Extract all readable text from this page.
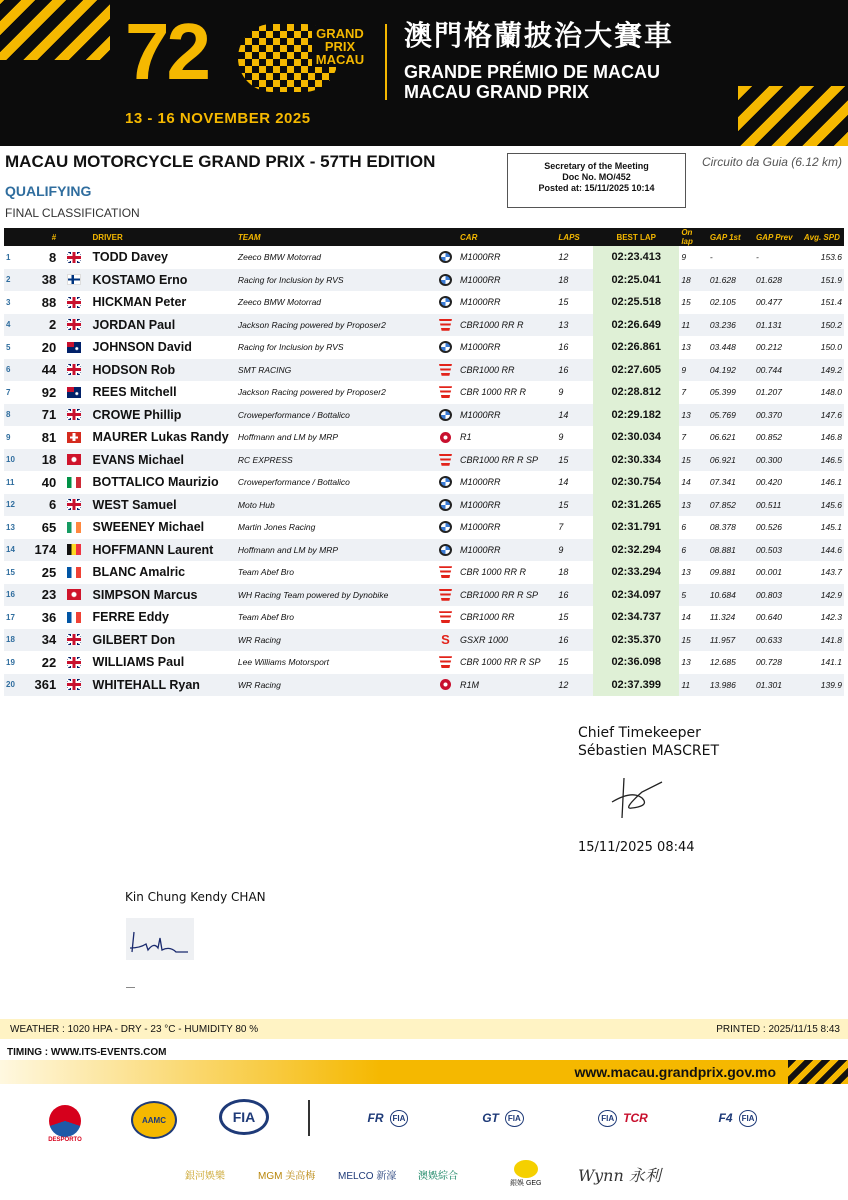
72	GRAND PRIX MACAU
13 - 16 NOVEMBER 2025
澳門格蘭披治大賽車
GRANDE PRÉMIO DE MACAU
MACAU GRAND PRIX
MACAU MOTORCYCLE GRAND PRIX - 57TH EDITION
QUALIFYING
FINAL CLASSIFICATION
Secretary of the Meeting
Doc No. MO/452
Posted at: 15/11/2025 10:14
Circuito da Guia (6.12 km)
	#		DRIVER	TEAM		CAR	LAPS	BEST LAP	On lap	GAP 1st	GAP Prev	Avg. SPD
1	8		TODD Davey	Zeeco BMW Motorrad		M1000RR	12	02:23.413	9	-	-	153.6
2	38		KOSTAMO Erno	Racing for Inclusion by RVS		M1000RR	18	02:25.041	18	01.628	01.628	151.9
3	88		HICKMAN Peter	Zeeco BMW Motorrad		M1000RR	15	02:25.518	15	02.105	00.477	151.4
4	2		JORDAN Paul	Jackson Racing powered by Proposer2		CBR1000 RR R	13	02:26.649	11	03.236	01.131	150.2
5	20		JOHNSON David	Racing for Inclusion by RVS		M1000RR	16	02:26.861	13	03.448	00.212	150.0
6	44		HODSON Rob	SMT RACING		CBR1000 RR	16	02:27.605	9	04.192	00.744	149.2
7	92		REES Mitchell	Jackson Racing powered by Proposer2		CBR 1000 RR R	9	02:28.812	7	05.399	01.207	148.0
8	71		CROWE Phillip	Croweperformance / Bottalico		M1000RR	14	02:29.182	13	05.769	00.370	147.6
9	81		MAURER Lukas Randy	Hoffmann and LM by MRP		R1	9	02:30.034	7	06.621	00.852	146.8
10	18		EVANS Michael	RC EXPRESS		CBR1000 RR R SP	15	02:30.334	15	06.921	00.300	146.5
11	40		BOTTALICO Maurizio	Croweperformance / Bottalico		M1000RR	14	02:30.754	14	07.341	00.420	146.1
12	6		WEST Samuel	Moto Hub		M1000RR	15	02:31.265	13	07.852	00.511	145.6
13	65		SWEENEY Michael	Martin Jones Racing		M1000RR	7	02:31.791	6	08.378	00.526	145.1
14	174		HOFFMANN Laurent	Hoffmann and LM by MRP		M1000RR	9	02:32.294	6	08.881	00.503	144.6
15	25		BLANC Amalric	Team Abef Bro		CBR 1000 RR R	18	02:33.294	13	09.881	00.001	143.7
16	23		SIMPSON Marcus	WH Racing Team powered by Dynobike		CBR1000 RR R SP	16	02:34.097	5	10.684	00.803	142.9
17	36		FERRE Eddy	Team Abef Bro		CBR1000 RR	15	02:34.737	14	11.324	00.640	142.3
18	34		GILBERT Don	WR Racing	S	GSXR 1000	16	02:35.370	15	11.957	00.633	141.8
19	22		WILLIAMS Paul	Lee Williams Motorsport		CBR 1000 RR R SP	15	02:36.098	13	12.685	00.728	141.1
20	361		WHITEHALL Ryan	WR Racing		R1M	12	02:37.399	11	13.986	01.301	139.9
Chief Timekeeper
Sébastien MASCRET
15/11/2025 08:44
Kin Chung Kendy CHAN
WEATHER : 1020 HPA - DRY - 23 °C - HUMIDITY 80 %	PRINTED : 2025/11/15 8:43
TIMING : WWW.ITS-EVENTS.COM
www.macau.grandprix.gov.mo
DESPORTO
AAMC	FIA	FR	FIA	GT	FIA	FIA TCR	F4	FIA
銀河娛樂	MGM 美高梅 MELCO 新濠 澳娛綜合
銀娛 GEG Wynn 永利
